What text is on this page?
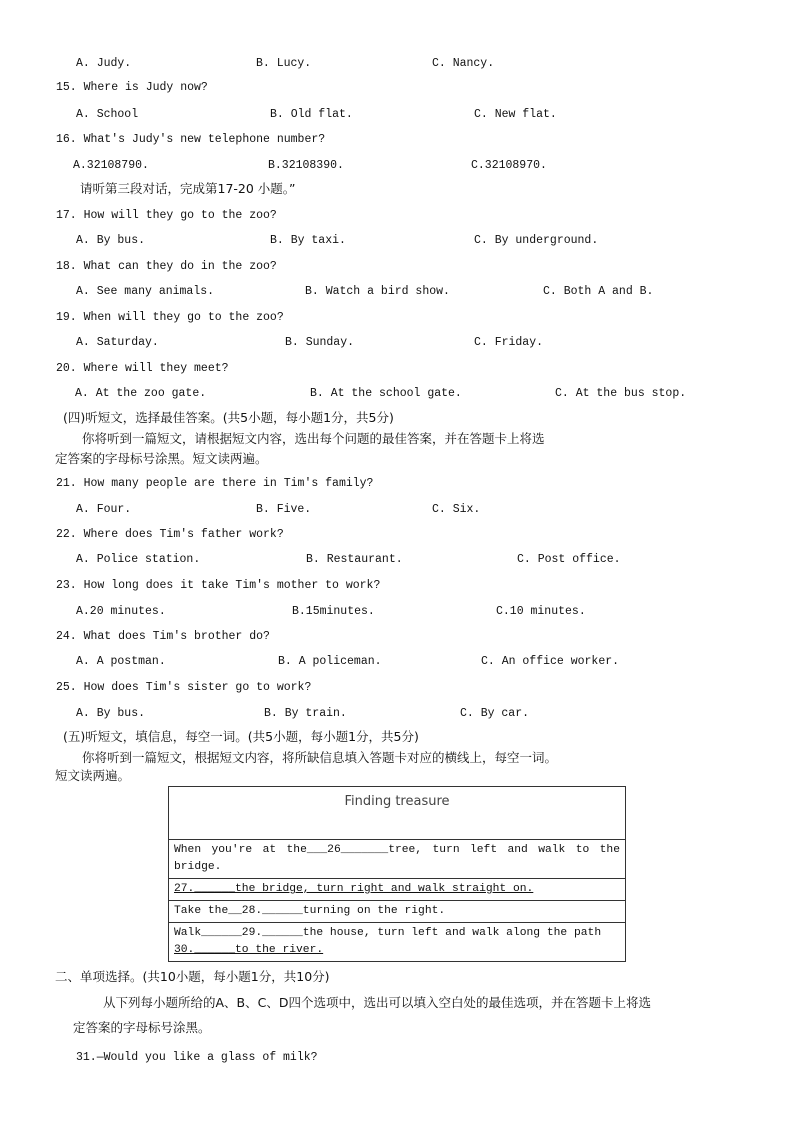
Finding treasure
When you're at the___26_______tree, turn left and walk to the bridge.
27.______the bridge, turn right and walk straight on.
Take the__28.______turning on the right.
Walk______29.______the house, turn left and walk along the path
30.______to the river.
A. Judy.	B. Lucy.	C. Nancy.
15. Where is Judy now?
A. School	B. Old flat.	C. New flat.
16. What's Judy's new telephone number?
A.32108790.	B.32108390.	C.32108970.
请听第三段对话，完成第17-20 小题。”
17. How will they go to the zoo?
A. By bus.	B. By taxi.	C. By underground.
18. What can they do in the zoo?
A. See many animals.	B. Watch a bird show.	C. Both A and B.
19. When will they go to the zoo?
A. Saturday.	B. Sunday.	C. Friday.
20. Where will they meet?
A. At the zoo gate.	B. At the school gate.	C. At the bus stop.
(四)听短文，选择最佳答案。(共5小题，每小题1分，共5分)
你将听到一篇短文，请根据短文内容，选出每个问题的最佳答案，并在答题卡上将选
定答案的字母标号涂黑。短文读两遍。
21. How many people are there in Tim's family?
A. Four.	B. Five.	C. Six.
22. Where does Tim's father work?
A. Police station.	B. Restaurant.	C. Post office.
23. How long does it take Tim's mother to work?
A.20 minutes.	B.15minutes.	C.10 minutes.
24. What does Tim's brother do?
A. A postman.	B. A policeman.	C. An office worker.
25. How does Tim's sister go to work?
A. By bus.	B. By train.	C. By car.
(五)听短文，填信息，每空一词。(共5小题，每小题1分，共5分)
你将听到一篇短文，根据短文内容，将所缺信息填入答题卡对应的横线上，每空一词。
短文读两遍。
二、单项选择。(共10小题，每小题1分，共10分)
从下列每小题所给的A、B、C、D四个选项中，选出可以填入空白处的最佳选项，并在答题卡上将选
定答案的字母标号涂黑。
31.—Would you like a glass of milk?
